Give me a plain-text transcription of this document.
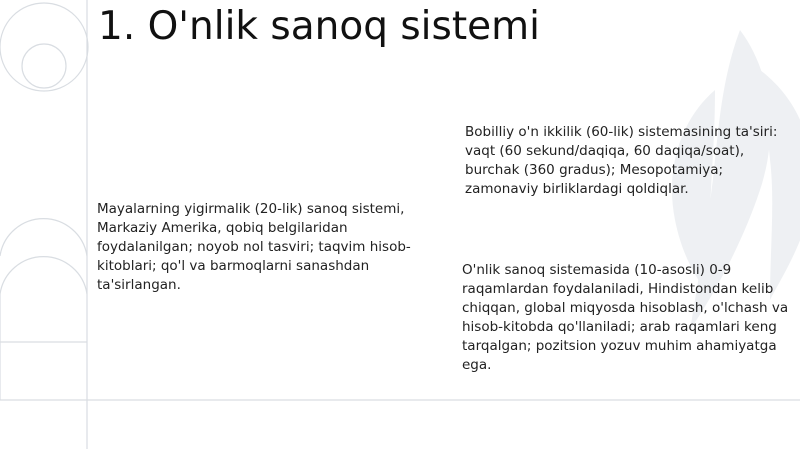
1. O'nlik sanoq sistemi
Mayalarning yigirmalik (20-lik) sanoq sistemi, Markaziy Amerika, qobiq belgilaridan foydalanilgan; noyob nol tasviri; taqvim hisob-kitoblari; qo'l va barmoqlarni sanashdan ta'sirlangan.
Bobilliy o'n ikkilik (60-lik) sistemasining ta'siri: vaqt (60 sekund/daqiqa, 60 daqiqa/soat), burchak (360 gradus); Mesopotamiya; zamonaviy birliklardagi qoldiqlar.
O'nlik sanoq sistemasida (10-asosli) 0-9 raqamlardan foydalaniladi, Hindistondan kelib chiqqan, global miqyosda hisoblash, o'lchash va hisob-kitobda qo'llaniladi; arab raqamlari keng tarqalgan; pozitsion yozuv muhim ahamiyatga ega.
